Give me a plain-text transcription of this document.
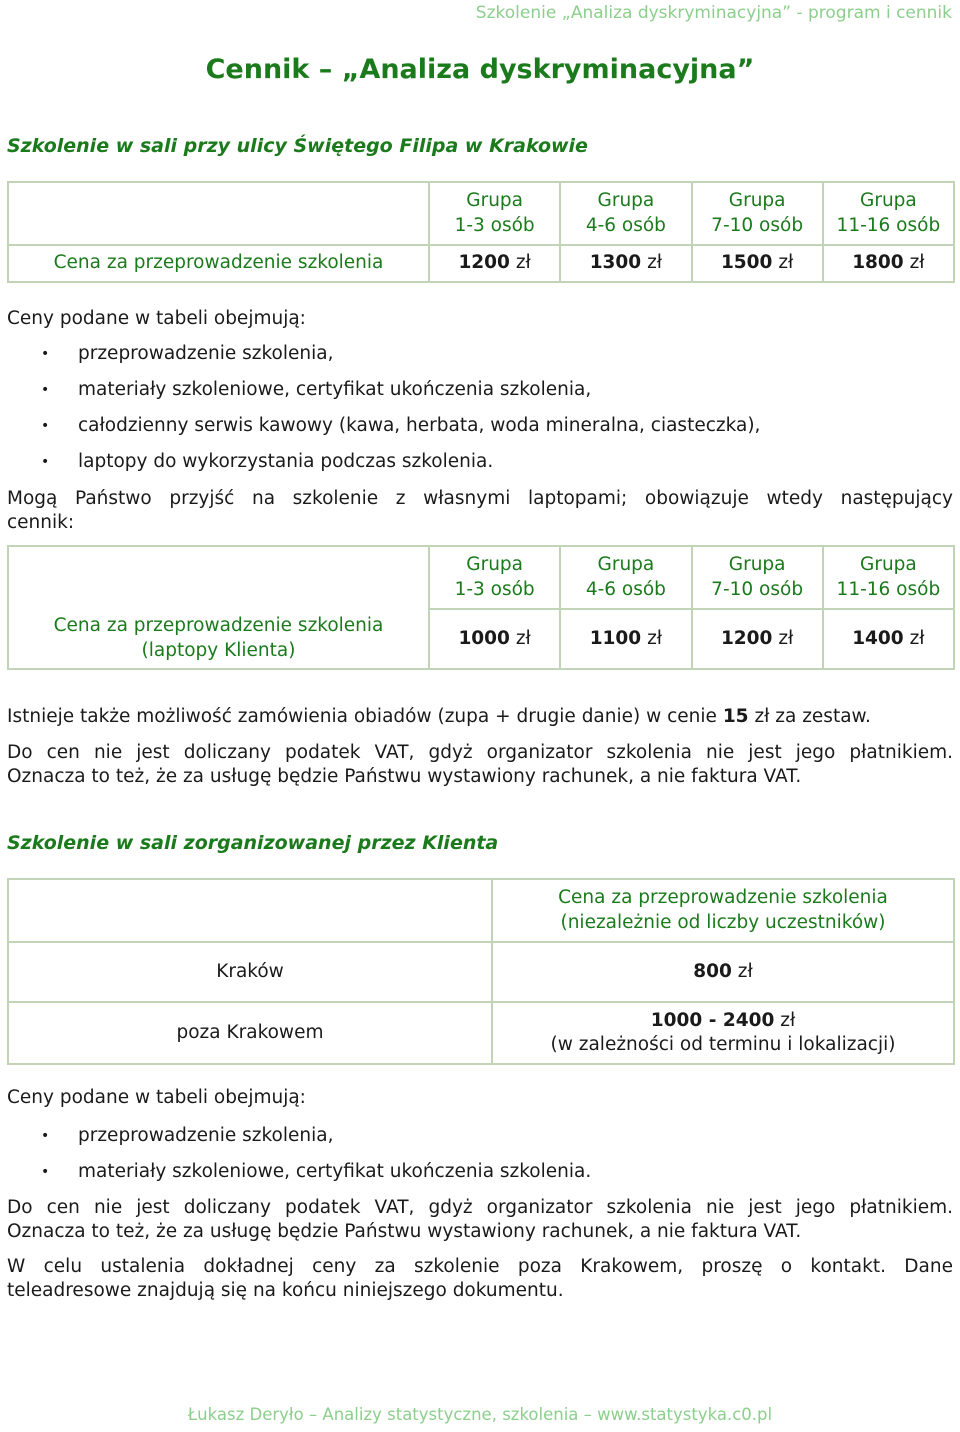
Szkolenie „Analiza dyskryminacyjna” - program i cennik
Cennik – „Analiza dyskryminacyjna”
Szkolenie w sali przy ulicy Świętego Filipa w Krakowie
	Grupa
1-3 osób	Grupa
4-6 osób	Grupa
7-10 osób	Grupa
11-16 osób
Cena za przeprowadzenie szkolenia	1200 zł	1300 zł	1500 zł	1800 zł
Ceny podane w tabeli obejmują:
• przeprowadzenie szkolenia,
• materiały szkoleniowe, certyfikat ukończenia szkolenia,
• całodzienny serwis kawowy (kawa, herbata, woda mineralna, ciasteczka),
• laptopy do wykorzystania podczas szkolenia.
Mogą Państwo przyjść na szkolenie z własnymi laptopami; obowiązuje wtedy następujący
cennik:
	Grupa
1-3 osób	Grupa
4-6 osób	Grupa
7-10 osób	Grupa
11-16 osób
Cena za przeprowadzenie szkolenia
(laptopy Klienta)	1000 zł	1100 zł	1200 zł	1400 zł
Istnieje także możliwość zamówienia obiadów (zupa + drugie danie) w cenie 15 zł za zestaw.
Do cen nie jest doliczany podatek VAT, gdyż organizator szkolenia nie jest jego płatnikiem.
Oznacza to też, że za usługę będzie Państwu wystawiony rachunek, a nie faktura VAT.
Szkolenie w sali zorganizowanej przez Klienta
	Cena za przeprowadzenie szkolenia
(niezależnie od liczby uczestników)
Kraków	800 zł
poza Krakowem	1000 - 2400 zł
(w zależności od terminu i lokalizacji)
Ceny podane w tabeli obejmują:
• przeprowadzenie szkolenia,
• materiały szkoleniowe, certyfikat ukończenia szkolenia.
Do cen nie jest doliczany podatek VAT, gdyż organizator szkolenia nie jest jego płatnikiem.
Oznacza to też, że za usługę będzie Państwu wystawiony rachunek, a nie faktura VAT.
W celu ustalenia dokładnej ceny za szkolenie poza Krakowem, proszę o kontakt. Dane
teleadresowe znajdują się na końcu niniejszego dokumentu.
Łukasz Deryło – Analizy statystyczne, szkolenia – www.statystyka.c0.pl
